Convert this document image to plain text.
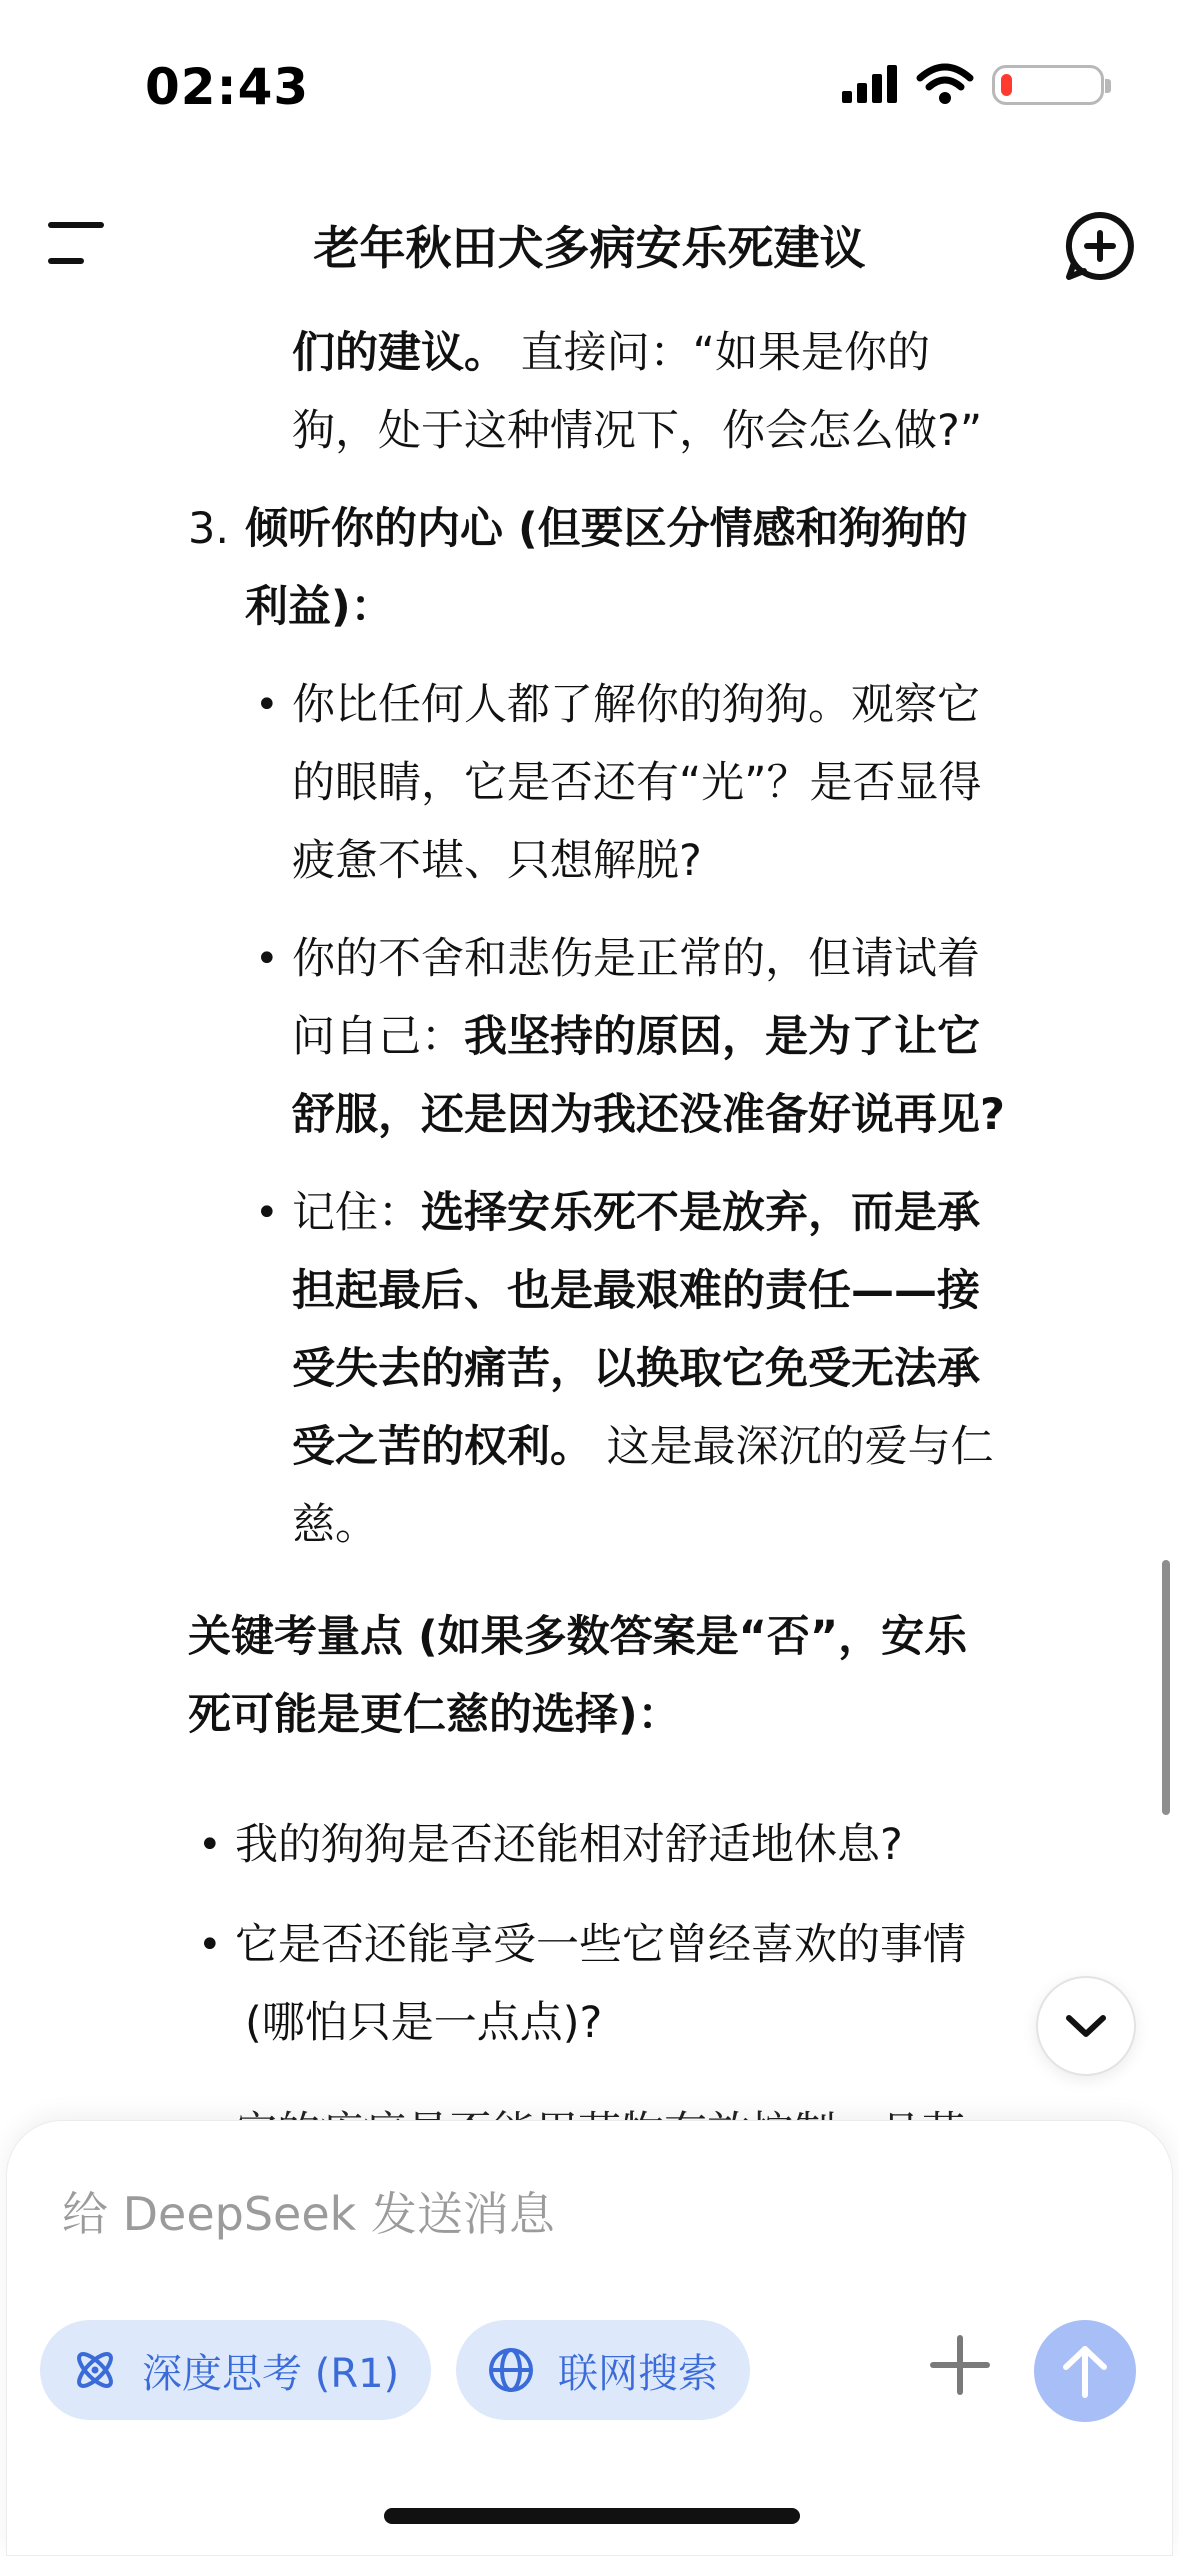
02:43
老年秋田犬多病安乐死建议
们的建议。 直接问：“如果是你的
狗，处于这种情况下，你会怎么做?”
3. 倾听你的内心 (但要区分情感和狗狗的
利益)：
• 你比任何人都了解你的狗狗。观察它
的眼睛，它是否还有“光”？是否显得
疲惫不堪、只想解脱?
• 你的不舍和悲伤是正常的，但请试着
问自己：我坚持的原因，是为了让它
舒服，还是因为我还没准备好说再见?
• 记住：选择安乐死不是放弃，而是承
担起最后、也是最艰难的责任——接
受失去的痛苦，以换取它免受无法承
受之苦的权利。 这是最深沉的爱与仁
慈。
关键考量点 (如果多数答案是“否”，安乐
死可能是更仁慈的选择)：
• 我的狗狗是否还能相对舒适地休息?
• 它是否还能享受一些它曾经喜欢的事情
(哪怕只是一点点)?
给 DeepSeek 发送消息
深度思考 (R1)	联网搜索
